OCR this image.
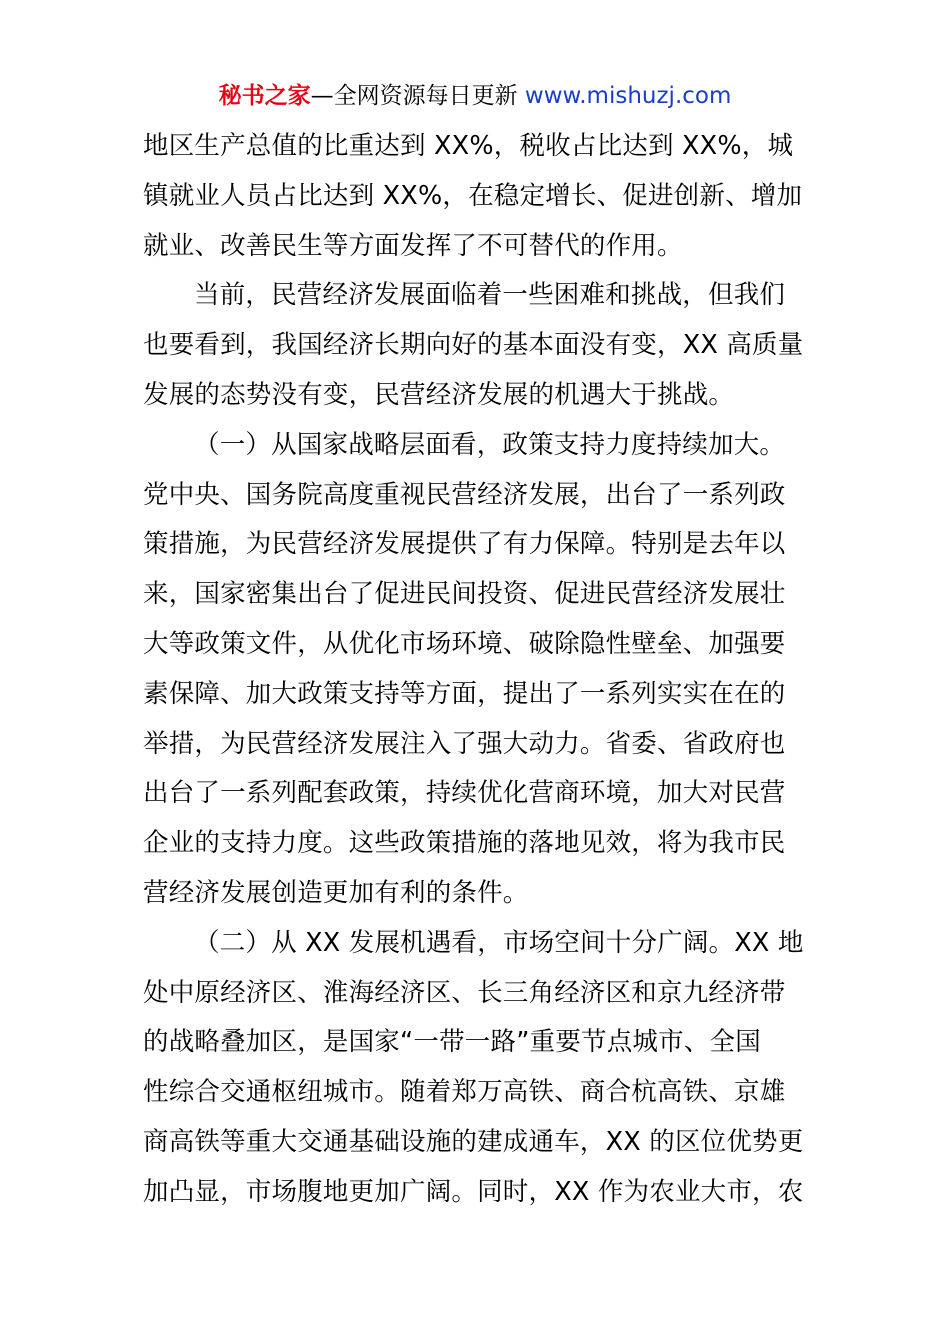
秘书之家—全网资源每日更新 www.mishuzj.com
地区生产总值的比重达到 XX%，税收占比达到 XX%，城
镇就业人员占比达到 XX%，在稳定增长、促进创新、增加
就业、改善民生等方面发挥了不可替代的作用。
当前，民营经济发展面临着一些困难和挑战，但我们
也要看到，我国经济长期向好的基本面没有变，XX 高质量
发展的态势没有变，民营经济发展的机遇大于挑战。
（一）从国家战略层面看，政策支持力度持续加大。
党中央、国务院高度重视民营经济发展，出台了一系列政
策措施，为民营经济发展提供了有力保障。特别是去年以
来，国家密集出台了促进民间投资、促进民营经济发展壮
大等政策文件，从优化市场环境、破除隐性壁垒、加强要
素保障、加大政策支持等方面，提出了一系列实实在在的
举措，为民营经济发展注入了强大动力。省委、省政府也
出台了一系列配套政策，持续优化营商环境，加大对民营
企业的支持力度。这些政策措施的落地见效，将为我市民
营经济发展创造更加有利的条件。
（二）从 XX 发展机遇看，市场空间十分广阔。XX 地
处中原经济区、淮海经济区、长三角经济区和京九经济带
的战略叠加区，是国家“一带一路”重要节点城市、全国
性综合交通枢纽城市。随着郑万高铁、商合杭高铁、京雄
商高铁等重大交通基础设施的建成通车，XX 的区位优势更
加凸显，市场腹地更加广阔。同时，XX 作为农业大市，农
